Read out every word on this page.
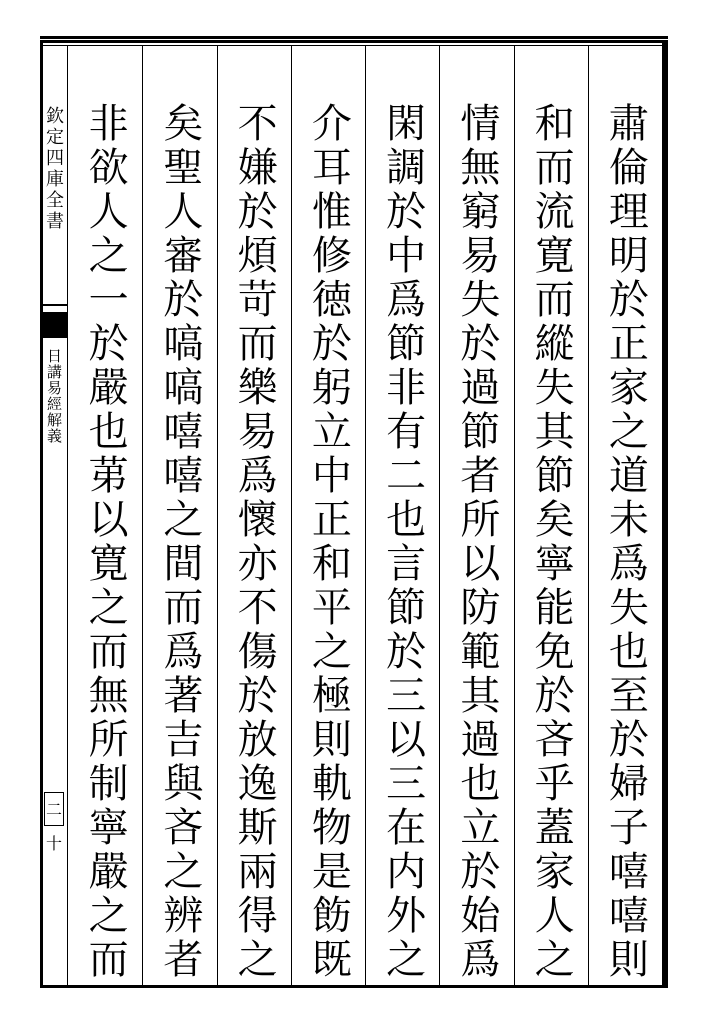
欽定四庫全書
日講易經解義
二十	肅倫理明於正家之道未爲失也至於婦子嘻嘻則
和而流寛而縱失其節矣寧能免於吝乎蓋家人之
情無窮易失於過節者所以防範其過也立於始爲
閑調於中爲節非有二也言節於三以三在内外之
介耳惟修徳於躬立中正和平之極則軌物是飭既
不嫌於煩苛而樂易爲懷亦不傷於放逸斯兩得之
矣聖人審於嗃嗃嘻嘻之間而爲著吉與吝之辨者
非欲人之一於嚴也苐以寛之而無所制寧嚴之而
